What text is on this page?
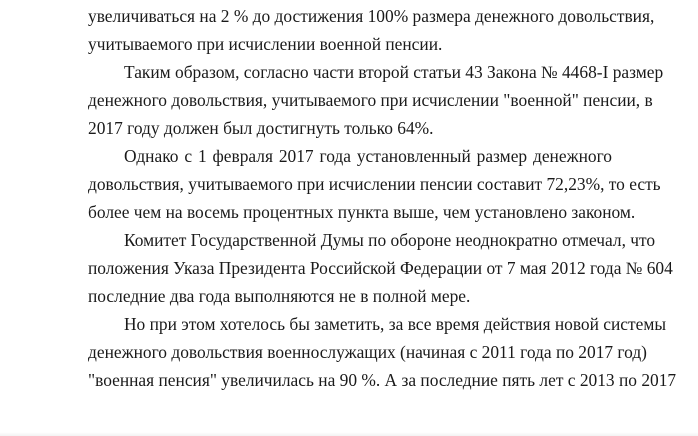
увеличиваться на 2 % до достижения 100% размера денежного довольствия,
учитываемого при исчислении военной пенсии.
Таким образом, согласно части второй статьи 43 Закона № 4468-I размер
денежного довольствия, учитываемого при исчислении "военной" пенсии, в
2017 году должен был достигнуть только 64%.
Однако с 1 февраля 2017 года установленный размер денежного
довольствия, учитываемого при исчислении пенсии составит 72,23%, то есть
более чем на восемь процентных пункта выше, чем установлено законом.
Комитет Государственной Думы по обороне неоднократно отмечал, что
положения Указа Президента Российской Федерации от 7 мая 2012 года № 604
последние два года выполняются не в полной мере.
Но при этом хотелось бы заметить, за все время действия новой системы
денежного довольствия военнослужащих (начиная с 2011 года по 2017 год)
"военная пенсия" увеличилась на 90 %. А за последние пять лет с 2013 по 2017
